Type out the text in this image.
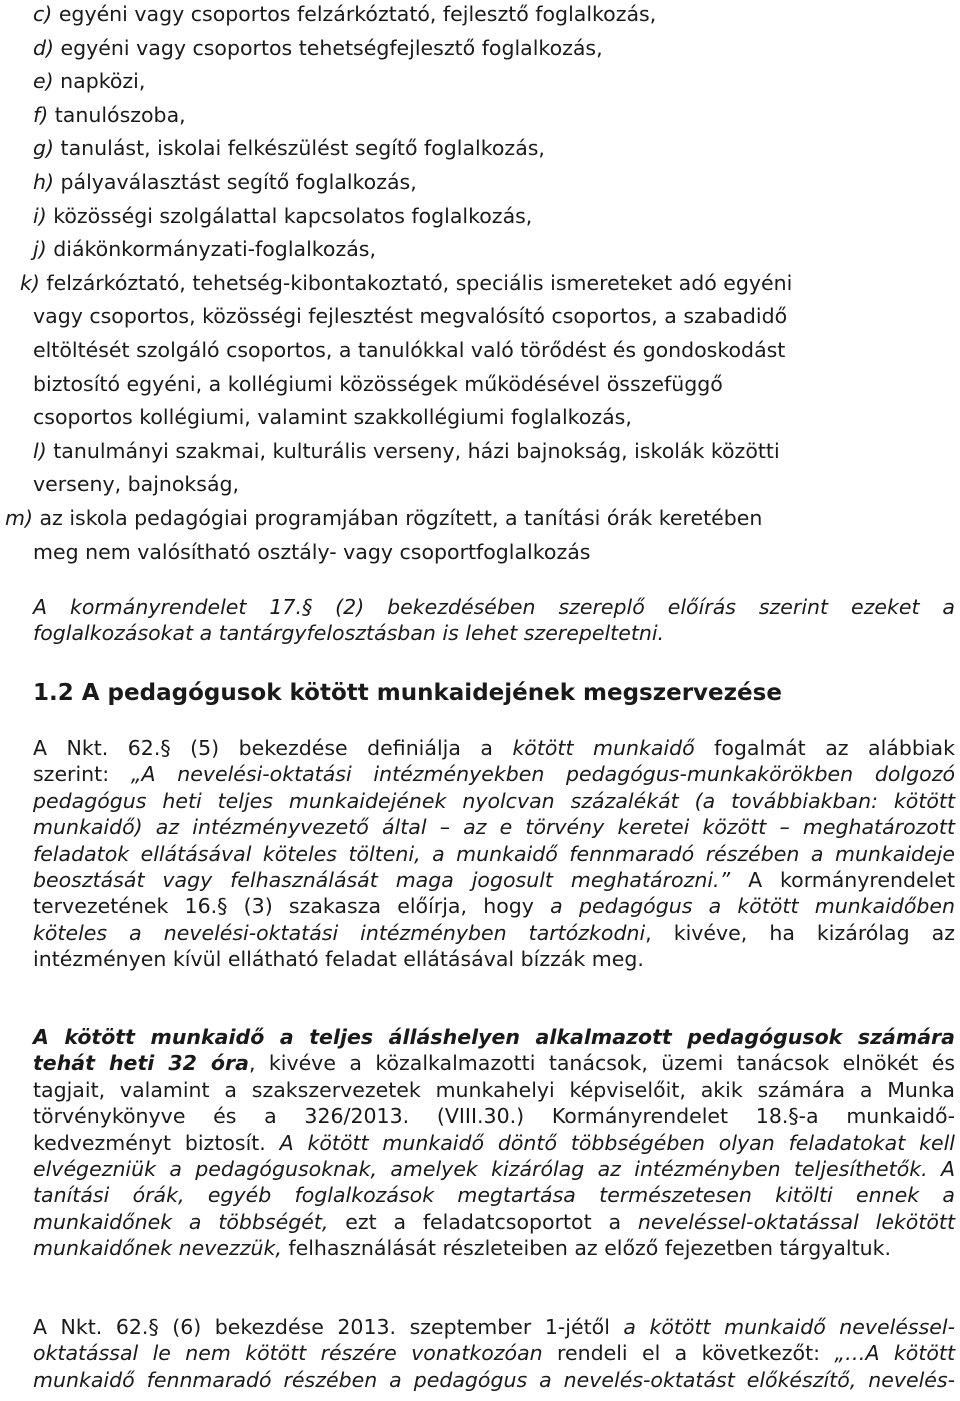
c) egyéni vagy csoportos felzárkóztató, fejlesztő foglalkozás,
d) egyéni vagy csoportos tehetségfejlesztő foglalkozás,
e) napközi,
f) tanulószoba,
g) tanulást, iskolai felkészülést segítő foglalkozás,
h) pályaválasztást segítő foglalkozás,
i) közösségi szolgálattal kapcsolatos foglalkozás,
j) diákönkormányzati-foglalkozás,
k) felzárkóztató, tehetség-kibontakoztató, speciális ismereteket adó egyéni
vagy csoportos, közösségi fejlesztést megvalósító csoportos, a szabadidő
eltöltését szolgáló csoportos, a tanulókkal való törődést és gondoskodást
biztosító egyéni, a kollégiumi közösségek működésével összefüggő
csoportos kollégiumi, valamint szakkollégiumi foglalkozás,
l) tanulmányi szakmai, kulturális verseny, házi bajnokság, iskolák közötti
verseny, bajnokság,
m) az iskola pedagógiai programjában rögzített, a tanítási órák keretében
meg nem valósítható osztály- vagy csoportfoglalkozás
A kormányrendelet 17.§ (2) bekezdésében szereplő előírás szerint ezeket a
foglalkozásokat a tantárgyfelosztásban is lehet szerepeltetni.
1.2 A pedagógusok kötött munkaidejének megszervezése
A Nkt. 62.§ (5) bekezdése definiálja a kötött munkaidő fogalmát az alábbiak
szerint: „A nevelési-oktatási intézményekben pedagógus-munkakörökben dolgozó
pedagógus heti teljes munkaidejének nyolcvan százalékát (a továbbiakban: kötött
munkaidő) az intézményvezető által – az e törvény keretei között – meghatározott
feladatok ellátásával köteles tölteni, a munkaidő fennmaradó részében a munkaideje
beosztását vagy felhasználását maga jogosult meghatározni.” A kormányrendelet
tervezetének 16.§ (3) szakasza előírja, hogy a pedagógus a kötött munkaidőben
köteles a nevelési-oktatási intézményben tartózkodni, kivéve, ha kizárólag az
intézményen kívül ellátható feladat ellátásával bízzák meg.
A kötött munkaidő a teljes álláshelyen alkalmazott pedagógusok számára
tehát heti 32 óra, kivéve a közalkalmazotti tanácsok, üzemi tanácsok elnökét és
tagjait, valamint a szakszervezetek munkahelyi képviselőit, akik számára a Munka
törvénykönyve és a 326/2013. (VIII.30.) Kormányrendelet 18.§-a munkaidő-
kedvezményt biztosít. A kötött munkaidő döntő többségében olyan feladatokat kell
elvégezniük a pedagógusoknak, amelyek kizárólag az intézményben teljesíthetők. A
tanítási órák, egyéb foglalkozások megtartása természetesen kitölti ennek a
munkaidőnek a többségét, ezt a feladatcsoportot a neveléssel-oktatással lekötött
munkaidőnek nevezzük, felhasználását részleteiben az előző fejezetben tárgyaltuk.
A Nkt. 62.§ (6) bekezdése 2013. szeptember 1-jétől a kötött munkaidő neveléssel-
oktatással le nem kötött részére vonatkozóan rendeli el a következőt: „…A kötött
munkaidő fennmaradó részében a pedagógus a nevelés-oktatást előkészítő, nevelés-
